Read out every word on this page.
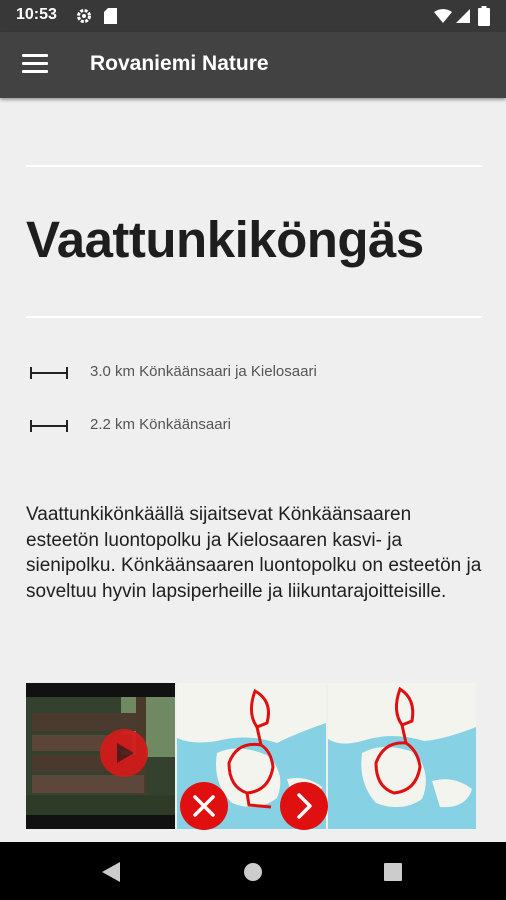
10:53
Rovaniemi Nature
Vaattunkiköngäs
3.0 km Könkäänsaari ja Kielosaari
2.2 km Könkäänsaari
Vaattunkikönkäällä sijaitsevat Könkäänsaaren esteetön luontopolku ja Kielosaaren kasvi- ja sienipolku. Könkäänsaaren luontopolku on esteetön ja soveltuu hyvin lapsiperheille ja liikuntarajoitteisille.
